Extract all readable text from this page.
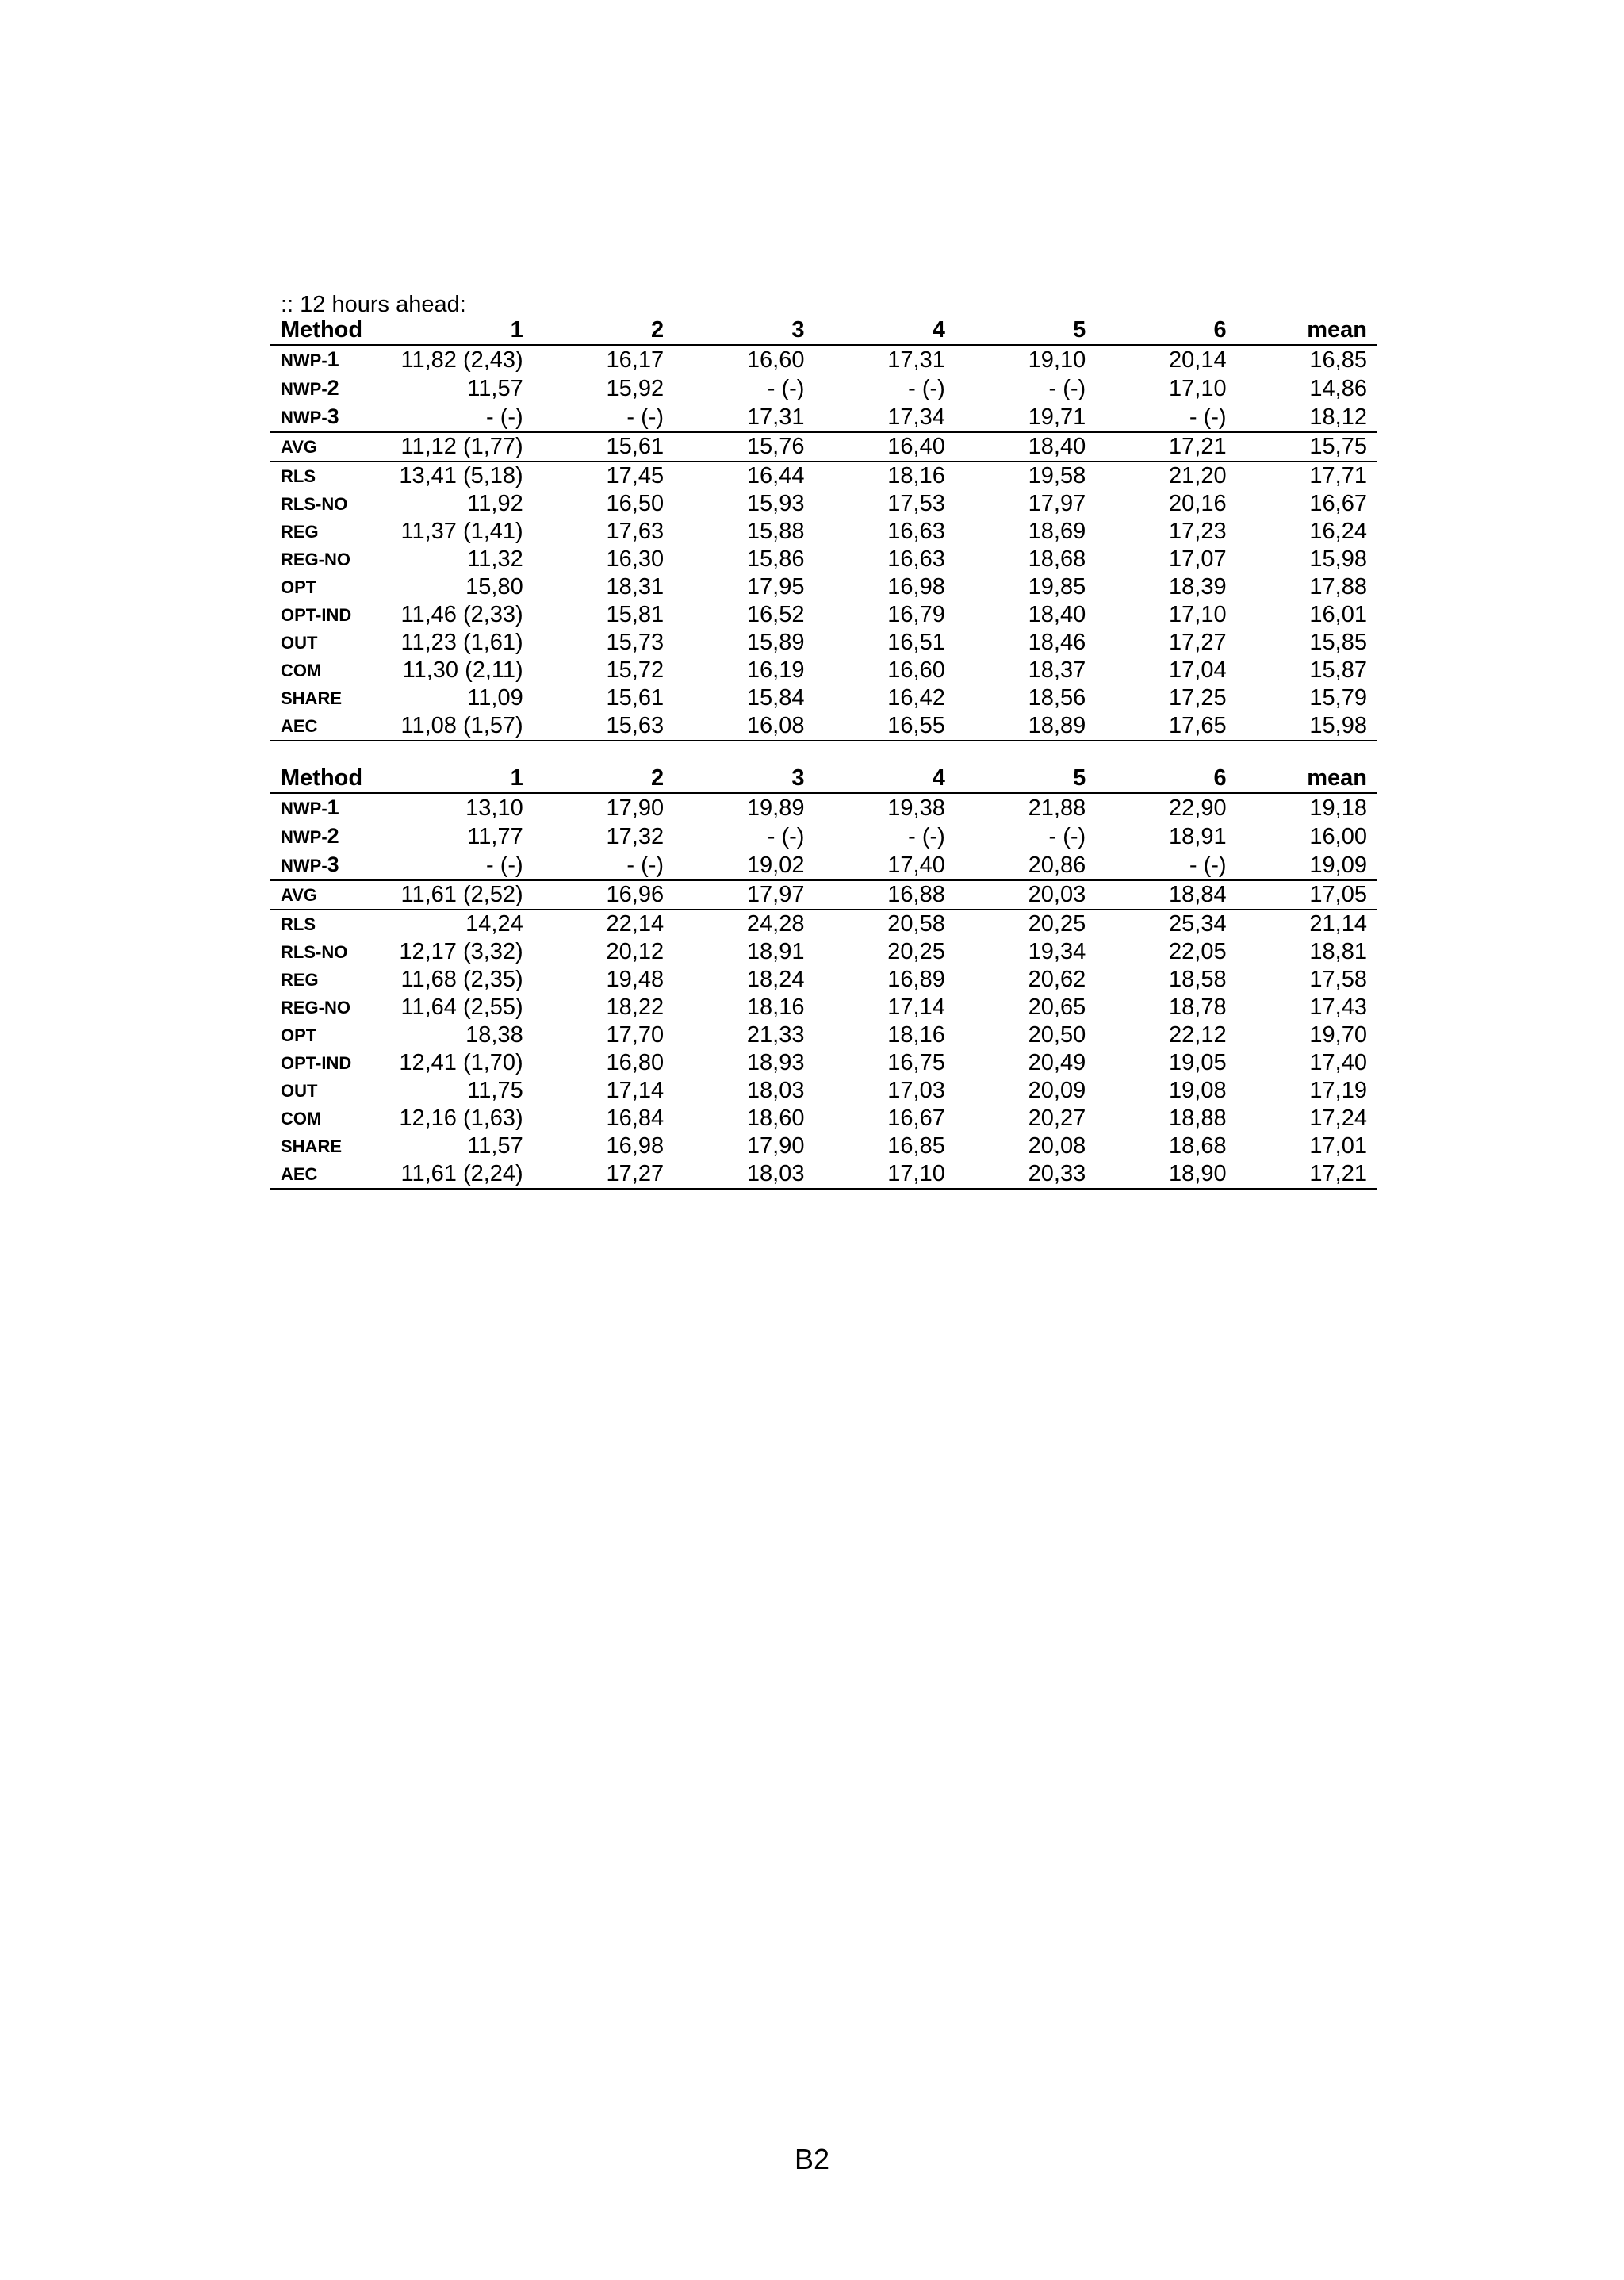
:: 12 hours ahead:
Method	1	2	3	4	5	6	mean
NWP-1	11,82 (2,43)	16,17	16,60	17,31	19,10	20,14	16,85
NWP-2	11,57	15,92	- (-)	- (-)	- (-)	17,10	14,86
NWP-3	- (-)	- (-)	17,31	17,34	19,71	- (-)	18,12
AVG	11,12 (1,77)	15,61	15,76	16,40	18,40	17,21	15,75
RLS	13,41 (5,18)	17,45	16,44	18,16	19,58	21,20	17,71
RLS-NO	11,92	16,50	15,93	17,53	17,97	20,16	16,67
REG	11,37 (1,41)	17,63	15,88	16,63	18,69	17,23	16,24
REG-NO	11,32	16,30	15,86	16,63	18,68	17,07	15,98
OPT	15,80	18,31	17,95	16,98	19,85	18,39	17,88
OPT-IND	11,46 (2,33)	15,81	16,52	16,79	18,40	17,10	16,01
OUT	11,23 (1,61)	15,73	15,89	16,51	18,46	17,27	15,85
COM	11,30 (2,11)	15,72	16,19	16,60	18,37	17,04	15,87
SHARE	11,09	15,61	15,84	16,42	18,56	17,25	15,79
AEC	11,08 (1,57)	15,63	16,08	16,55	18,89	17,65	15,98
Method	1	2	3	4	5	6	mean
NWP-1	13,10	17,90	19,89	19,38	21,88	22,90	19,18
NWP-2	11,77	17,32	- (-)	- (-)	- (-)	18,91	16,00
NWP-3	- (-)	- (-)	19,02	17,40	20,86	- (-)	19,09
AVG	11,61 (2,52)	16,96	17,97	16,88	20,03	18,84	17,05
RLS	14,24	22,14	24,28	20,58	20,25	25,34	21,14
RLS-NO	12,17 (3,32)	20,12	18,91	20,25	19,34	22,05	18,81
REG	11,68 (2,35)	19,48	18,24	16,89	20,62	18,58	17,58
REG-NO	11,64 (2,55)	18,22	18,16	17,14	20,65	18,78	17,43
OPT	18,38	17,70	21,33	18,16	20,50	22,12	19,70
OPT-IND	12,41 (1,70)	16,80	18,93	16,75	20,49	19,05	17,40
OUT	11,75	17,14	18,03	17,03	20,09	19,08	17,19
COM	12,16 (1,63)	16,84	18,60	16,67	20,27	18,88	17,24
SHARE	11,57	16,98	17,90	16,85	20,08	18,68	17,01
AEC	11,61 (2,24)	17,27	18,03	17,10	20,33	18,90	17,21
B2
